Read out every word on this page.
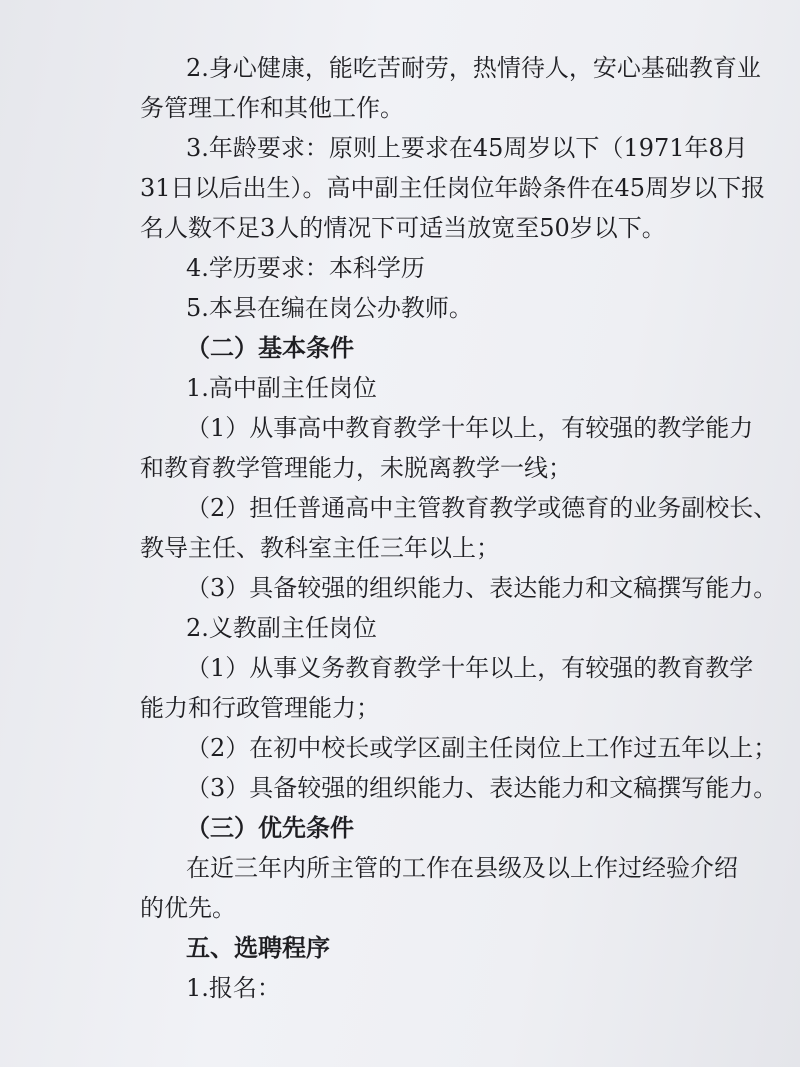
2.身心健康，能吃苦耐劳，热情待人，安心基础教育业
务管理工作和其他工作。
3.年龄要求：原则上要求在45周岁以下（1971年8月
31日以后出生）。高中副主任岗位年龄条件在45周岁以下报
名人数不足3人的情况下可适当放宽至50岁以下。
4.学历要求：本科学历
5.本县在编在岗公办教师。
（二）基本条件
1.高中副主任岗位
（1）从事高中教育教学十年以上，有较强的教学能力
和教育教学管理能力，未脱离教学一线；
（2）担任普通高中主管教育教学或德育的业务副校长、
教导主任、教科室主任三年以上；
（3）具备较强的组织能力、表达能力和文稿撰写能力。
2.义教副主任岗位
（1）从事义务教育教学十年以上，有较强的教育教学
能力和行政管理能力；
（2）在初中校长或学区副主任岗位上工作过五年以上；
（3）具备较强的组织能力、表达能力和文稿撰写能力。
（三）优先条件
在近三年内所主管的工作在县级及以上作过经验介绍
的优先。
五、选聘程序
1.报名：
